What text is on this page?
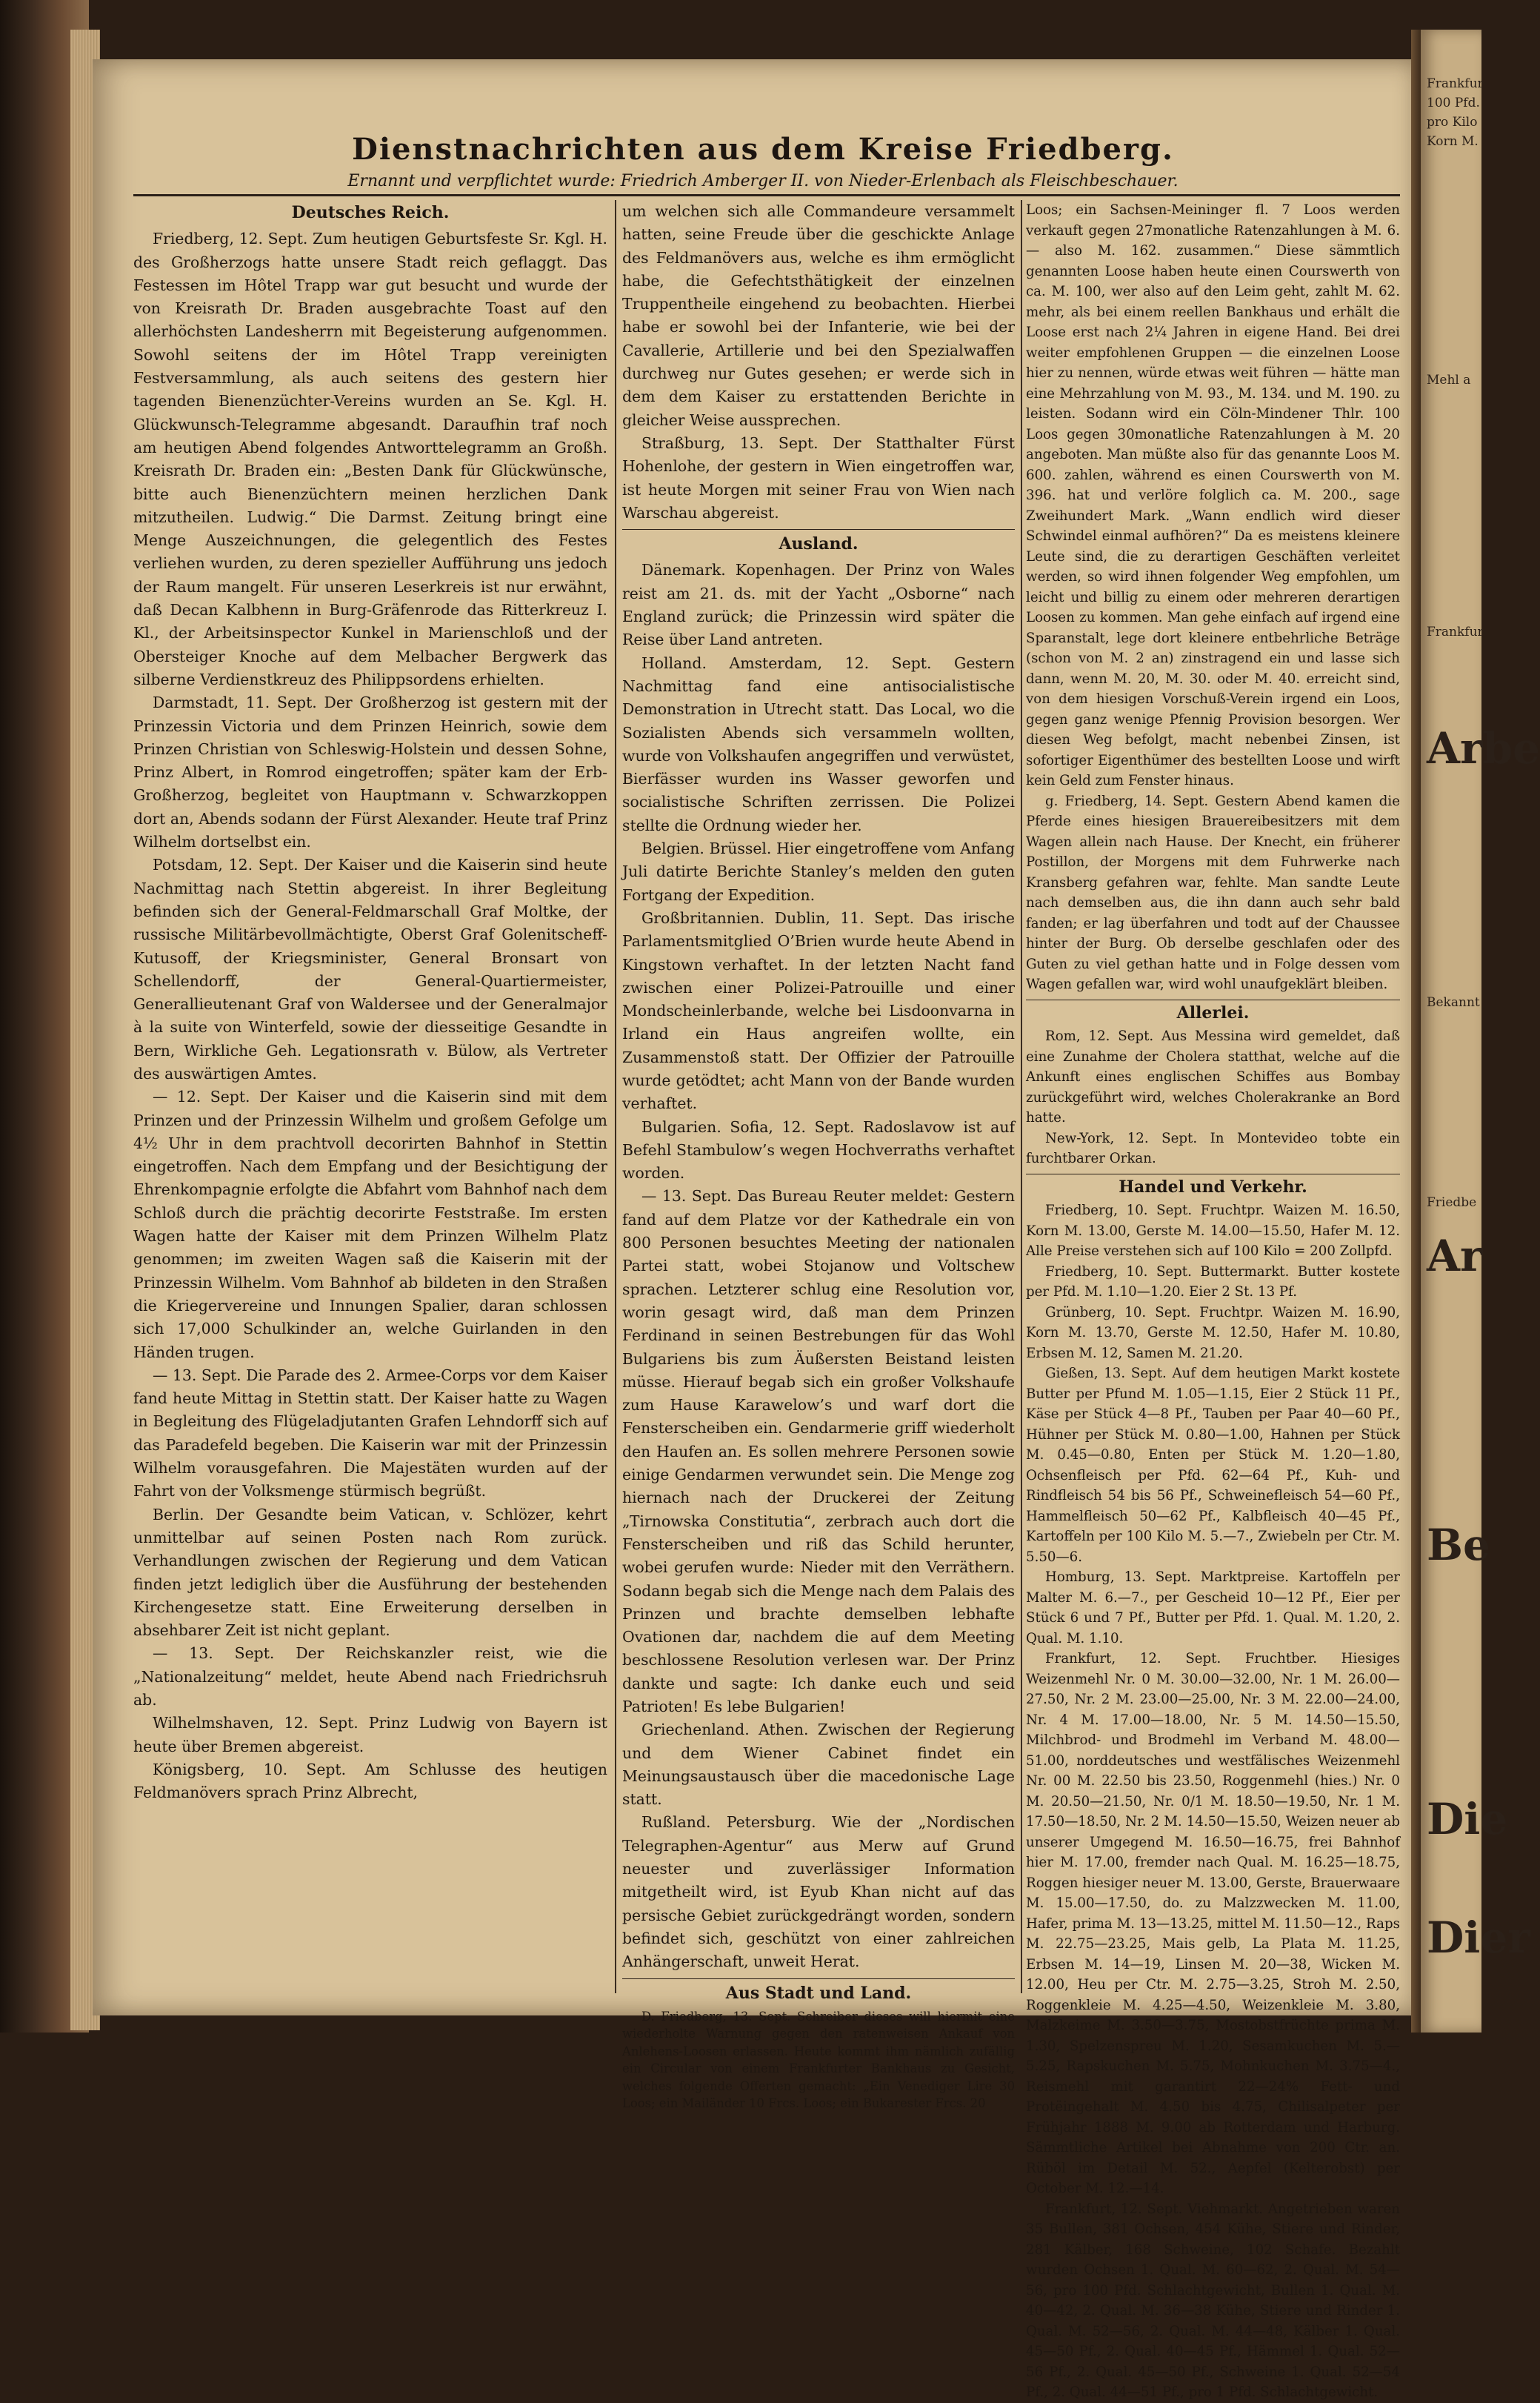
Frankfur
100 Pfd.
pro Kilo
Korn M.
Mehl a
Frankfur
Arbe
Bekannt
Friedbe
Ar
Be
Die
Dier
Dienstnachrichten aus dem Kreise Friedberg.
Ernannt und verpflichtet wurde: Friedrich Amberger II. von Nieder-Erlenbach als Fleischbeschauer.
Deutsches Reich.

Friedberg, 12. Sept. Zum heutigen Geburtsfeste Sr. Kgl. H. des Großherzogs hatte unsere Stadt reich geflaggt. Das Festessen im Hôtel Trapp war gut besucht und wurde der von Kreisrath Dr. Braden ausgebrachte Toast auf den allerhöchsten Landesherrn mit Begeisterung aufgenommen. Sowohl seitens der im Hôtel Trapp vereinigten Festversammlung, als auch seitens des gestern hier tagenden Bienenzüchter-Vereins wurden an Se. Kgl. H. Glückwunsch-Telegramme abgesandt. Daraufhin traf noch am heutigen Abend folgendes Antworttelegramm an Großh. Kreisrath Dr. Braden ein: „Besten Dank für Glückwünsche, bitte auch Bienenzüchtern meinen herzlichen Dank mitzutheilen. Ludwig.“ Die Darmst. Zeitung bringt eine Menge Auszeichnungen, die gelegentlich des Festes verliehen wurden, zu deren spezieller Aufführung uns jedoch der Raum mangelt. Für unseren Leserkreis ist nur erwähnt, daß Decan Kalbhenn in Burg-Gräfenrode das Ritterkreuz I. Kl., der Arbeitsinspector Kunkel in Marienschloß und der Obersteiger Knoche auf dem Melbacher Bergwerk das silberne Verdienstkreuz des Philippsordens erhielten.

Darmstadt, 11. Sept. Der Großherzog ist gestern mit der Prinzessin Victoria und dem Prinzen Heinrich, sowie dem Prinzen Christian von Schleswig-Holstein und dessen Sohne, Prinz Albert, in Romrod eingetroffen; später kam der Erb-Großherzog, begleitet von Hauptmann v. Schwarzkoppen dort an, Abends sodann der Fürst Alexander. Heute traf Prinz Wilhelm dortselbst ein.

Potsdam, 12. Sept. Der Kaiser und die Kaiserin sind heute Nachmittag nach Stettin abgereist. In ihrer Begleitung befinden sich der General-Feldmarschall Graf Moltke, der russische Militärbevollmächtigte, Oberst Graf Golenitscheff-Kutusoff, der Kriegsminister, General Bronsart von Schellendorff, der General-Quartiermeister, Generallieutenant Graf von Waldersee und der Generalmajor à la suite von Winterfeld, sowie der diesseitige Gesandte in Bern, Wirkliche Geh. Legationsrath v. Bülow, als Vertreter des auswärtigen Amtes.

— 12. Sept. Der Kaiser und die Kaiserin sind mit dem Prinzen und der Prinzessin Wilhelm und großem Gefolge um 4½ Uhr in dem prachtvoll decorirten Bahnhof in Stettin eingetroffen. Nach dem Empfang und der Besichtigung der Ehrenkompagnie erfolgte die Abfahrt vom Bahnhof nach dem Schloß durch die prächtig decorirte Feststraße. Im ersten Wagen hatte der Kaiser mit dem Prinzen Wilhelm Platz genommen; im zweiten Wagen saß die Kaiserin mit der Prinzessin Wilhelm. Vom Bahnhof ab bildeten in den Straßen die Kriegervereine und Innungen Spalier, daran schlossen sich 17,000 Schulkinder an, welche Guirlanden in den Händen trugen.

— 13. Sept. Die Parade des 2. Armee-Corps vor dem Kaiser fand heute Mittag in Stettin statt. Der Kaiser hatte zu Wagen in Begleitung des Flügeladjutanten Grafen Lehndorff sich auf das Paradefeld begeben. Die Kaiserin war mit der Prinzessin Wilhelm vorausgefahren. Die Majestäten wurden auf der Fahrt von der Volksmenge stürmisch begrüßt.

Berlin. Der Gesandte beim Vatican, v. Schlözer, kehrt unmittelbar auf seinen Posten nach Rom zurück. Verhandlungen zwischen der Regierung und dem Vatican finden jetzt lediglich über die Ausführung der bestehenden Kirchengesetze statt. Eine Erweiterung derselben in absehbarer Zeit ist nicht geplant.

— 13. Sept. Der Reichskanzler reist, wie die „Nationalzeitung“ meldet, heute Abend nach Friedrichsruh ab.

Wilhelmshaven, 12. Sept. Prinz Ludwig von Bayern ist heute über Bremen abgereist.

Königsberg, 10. Sept. Am Schlusse des heutigen Feldmanövers sprach Prinz Albrecht,

um welchen sich alle Commandeure versammelt hatten, seine Freude über die geschickte Anlage des Feldmanövers aus, welche es ihm ermöglicht habe, die Gefechtsthätigkeit der einzelnen Truppentheile eingehend zu beobachten. Hierbei habe er sowohl bei der Infanterie, wie bei der Cavallerie, Artillerie und bei den Spezialwaffen durchweg nur Gutes gesehen; er werde sich in dem dem Kaiser zu erstattenden Berichte in gleicher Weise aussprechen.

Straßburg, 13. Sept. Der Statthalter Fürst Hohenlohe, der gestern in Wien eingetroffen war, ist heute Morgen mit seiner Frau von Wien nach Warschau abgereist.

Ausland.

Dänemark. Kopenhagen. Der Prinz von Wales reist am 21. ds. mit der Yacht „Osborne“ nach England zurück; die Prinzessin wird später die Reise über Land antreten.

Holland. Amsterdam, 12. Sept. Gestern Nachmittag fand eine antisocialistische Demonstration in Utrecht statt. Das Local, wo die Sozialisten Abends sich versammeln wollten, wurde von Volkshaufen angegriffen und verwüstet, Bierfässer wurden ins Wasser geworfen und socialistische Schriften zerrissen. Die Polizei stellte die Ordnung wieder her.

Belgien. Brüssel. Hier eingetroffene vom Anfang Juli datirte Berichte Stanley’s melden den guten Fortgang der Expedition.

Großbritannien. Dublin, 11. Sept. Das irische Parlamentsmitglied O’Brien wurde heute Abend in Kingstown verhaftet. In der letzten Nacht fand zwischen einer Polizei-Patrouille und einer Mondscheinlerbande, welche bei Lisdoonvarna in Irland ein Haus angreifen wollte, ein Zusammenstoß statt. Der Offizier der Patrouille wurde getödtet; acht Mann von der Bande wurden verhaftet.

Bulgarien. Sofia, 12. Sept. Radoslavow ist auf Befehl Stambulow’s wegen Hochverraths verhaftet worden.

— 13. Sept. Das Bureau Reuter meldet: Gestern fand auf dem Platze vor der Kathedrale ein von 800 Personen besuchtes Meeting der nationalen Partei statt, wobei Stojanow und Voltschew sprachen. Letzterer schlug eine Resolution vor, worin gesagt wird, daß man dem Prinzen Ferdinand in seinen Bestrebungen für das Wohl Bulgariens bis zum Äußersten Beistand leisten müsse. Hierauf begab sich ein großer Volkshaufe zum Hause Karawelow’s und warf dort die Fensterscheiben ein. Gendarmerie griff wiederholt den Haufen an. Es sollen mehrere Personen sowie einige Gendarmen verwundet sein. Die Menge zog hiernach nach der Druckerei der Zeitung „Tirnowska Constitutia“, zerbrach auch dort die Fensterscheiben und riß das Schild herunter, wobei gerufen wurde: Nieder mit den Verräthern. Sodann begab sich die Menge nach dem Palais des Prinzen und brachte demselben lebhafte Ovationen dar, nachdem die auf dem Meeting beschlossene Resolution verlesen war. Der Prinz dankte und sagte: Ich danke euch und seid Patrioten! Es lebe Bulgarien!

Griechenland. Athen. Zwischen der Regierung und dem Wiener Cabinet findet ein Meinungsaustausch über die macedonische Lage statt.

Rußland. Petersburg. Wie der „Nordischen Telegraphen-Agentur“ aus Merw auf Grund neuester und zuverlässiger Information mitgetheilt wird, ist Eyub Khan nicht auf das persische Gebiet zurückgedrängt worden, sondern befindet sich, geschützt von einer zahlreichen Anhängerschaft, unweit Herat.

Aus Stadt und Land.

D. Friedberg, 13. Sept. Schreiber dieses will hiermit eine wiederholte Warnung gegen den ratenweisen Ankauf von Anlehens-Loosen erlassen. Heute kommt ihm nämlich zufällig ein Circular von einem Frankfurter Bankhaus zu Gesicht, welches folgende Offerten gemacht: „Ein Venediger Lire 30 Loos; ein Mailänder 10 Frcs. Loos; ein Bukarester Frcs. 20

Loos; ein Sachsen-Meininger fl. 7 Loos werden verkauft gegen 27monatliche Ratenzahlungen à M. 6.— also M. 162. zusammen.“ Diese sämmtlich genannten Loose haben heute einen Courswerth von ca. M. 100, wer also auf den Leim geht, zahlt M. 62. mehr, als bei einem reellen Bankhaus und erhält die Loose erst nach 2¼ Jahren in eigene Hand. Bei drei weiter empfohlenen Gruppen — die einzelnen Loose hier zu nennen, würde etwas weit führen — hätte man eine Mehrzahlung von M. 93., M. 134. und M. 190. zu leisten. Sodann wird ein Cöln-Mindener Thlr. 100 Loos gegen 30monatliche Ratenzahlungen à M. 20 angeboten. Man müßte also für das genannte Loos M. 600. zahlen, während es einen Courswerth von M. 396. hat und verlöre folglich ca. M. 200., sage Zweihundert Mark. „Wann endlich wird dieser Schwindel einmal aufhören?“ Da es meistens kleinere Leute sind, die zu derartigen Geschäften verleitet werden, so wird ihnen folgender Weg empfohlen, um leicht und billig zu einem oder mehreren derartigen Loosen zu kommen. Man gehe einfach auf irgend eine Sparanstalt, lege dort kleinere entbehrliche Beträge (schon von M. 2 an) zinstragend ein und lasse sich dann, wenn M. 20, M. 30. oder M. 40. erreicht sind, von dem hiesigen Vorschuß-Verein irgend ein Loos, gegen ganz wenige Pfennig Provision besorgen. Wer diesen Weg befolgt, macht nebenbei Zinsen, ist sofortiger Eigenthümer des bestellten Loose und wirft kein Geld zum Fenster hinaus.

g. Friedberg, 14. Sept. Gestern Abend kamen die Pferde eines hiesigen Brauereibesitzers mit dem Wagen allein nach Hause. Der Knecht, ein früherer Postillon, der Morgens mit dem Fuhrwerke nach Kransberg gefahren war, fehlte. Man sandte Leute nach demselben aus, die ihn dann auch sehr bald fanden; er lag überfahren und todt auf der Chaussee hinter der Burg. Ob derselbe geschlafen oder des Guten zu viel gethan hatte und in Folge dessen vom Wagen gefallen war, wird wohl unaufgeklärt bleiben.

Allerlei.

Rom, 12. Sept. Aus Messina wird gemeldet, daß eine Zunahme der Cholera statthat, welche auf die Ankunft eines englischen Schiffes aus Bombay zurückgeführt wird, welches Cholerakranke an Bord hatte.

New-York, 12. Sept. In Montevideo tobte ein furchtbarer Orkan.

Handel und Verkehr.

Friedberg, 10. Sept. Fruchtpr. Waizen M. 16.50, Korn M. 13.00, Gerste M. 14.00—15.50, Hafer M. 12. Alle Preise verstehen sich auf 100 Kilo = 200 Zollpfd.

Friedberg, 10. Sept. Buttermarkt. Butter kostete per Pfd. M. 1.10—1.20. Eier 2 St. 13 Pf.

Grünberg, 10. Sept. Fruchtpr. Waizen M. 16.90, Korn M. 13.70, Gerste M. 12.50, Hafer M. 10.80, Erbsen M. 12, Samen M. 21.20.

Gießen, 13. Sept. Auf dem heutigen Markt kostete Butter per Pfund M. 1.05—1.15, Eier 2 Stück 11 Pf., Käse per Stück 4—8 Pf., Tauben per Paar 40—60 Pf., Hühner per Stück M. 0.80—1.00, Hahnen per Stück M. 0.45—0.80, Enten per Stück M. 1.20—1.80, Ochsenfleisch per Pfd. 62—64 Pf., Kuh- und Rindfleisch 54 bis 56 Pf., Schweinefleisch 54—60 Pf., Hammelfleisch 50—62 Pf., Kalbfleisch 40—45 Pf., Kartoffeln per 100 Kilo M. 5.—7., Zwiebeln per Ctr. M. 5.50—6.

Homburg, 13. Sept. Marktpreise. Kartoffeln per Malter M. 6.—7., per Gescheid 10—12 Pf., Eier per Stück 6 und 7 Pf., Butter per Pfd. 1. Qual. M. 1.20, 2. Qual. M. 1.10.

Frankfurt, 12. Sept. Fruchtber. Hiesiges Weizenmehl Nr. 0 M. 30.00—32.00, Nr. 1 M. 26.00—27.50, Nr. 2 M. 23.00—25.00, Nr. 3 M. 22.00—24.00, Nr. 4 M. 17.00—18.00, Nr. 5 M. 14.50—15.50, Milchbrod- und Brodmehl im Verband M. 48.00—51.00, norddeutsches und westfälisches Weizenmehl Nr. 00 M. 22.50 bis 23.50, Roggenmehl (hies.) Nr. 0 M. 20.50—21.50, Nr. 0/1 M. 18.50—19.50, Nr. 1 M. 17.50—18.50, Nr. 2 M. 14.50—15.50, Weizen neuer ab unserer Umgegend M. 16.50—16.75, frei Bahnhof hier M. 17.00, fremder nach Qual. M. 16.25—18.75, Roggen hiesiger neuer M. 13.00, Gerste, Brauerwaare M. 15.00—17.50, do. zu Malzzwecken M. 11.00, Hafer, prima M. 13—13.25, mittel M. 11.50—12., Raps M. 22.75—23.25, Mais gelb, La Plata M. 11.25, Erbsen M. 14—19, Linsen M. 20—38, Wicken M. 12.00, Heu per Ctr. M. 2.75—3.25, Stroh M. 2.50, Roggenkleie M. 4.25—4.50, Weizenkleie M. 3.80, Malzkeime M. 3.50—3.75, Mostobstfrüchte prima M. 1.30, Spelzenspreu M. 1.20, Sesamkuchen M. 5.—5.25, Rapskuchen M. 5.75, Mohnkuchen M. 3.75—4., Reismehl mit garantirt 22—24% Fett- und Protëingehalt M. 4.50 bis 4.75, Chilisalpeter per Frühjahr 1888 M. 9.00 ab Rotterdam und Harburg. Sämmtliche Artikel bei Abnahme von 200 Ctr. an. Rüböl im Detail M. 52., Aepfel (Kelterobst) per October M. 12.—14.

Frankfurt, 12. Sept. Viehmarkt. Angetrieben waren 35 Bullen, 381 Ochsen, 454 Kühe, Stiere und Rinder, 281 Kälber, 168 Schweine, 102 Schafe. Bezahlt wurden Ochsen 1. Qual. M. 60—62, 2. Qual. M. 54—56, pro 100 Pfd. Schlachtgewicht, Bullen 1. Qual. M. 40—42, 2. Qual. M. 36—38 Kühe, Stiere und Rinder 1. Qual. M. 52—56, 2. Qual. M. 44—48, Kälber 1. Qual. 45—50 Pf., 2. Qual. 40—45 Pf., Hämmel 1. Qual. 52—56 Pf., 2. Qual. 45—50 Pf., Schweine 1. Qual. 52—54 Pf., 2. Qual. 44—51 Pf., pro 1 Pfd. Schlachtgewicht.
